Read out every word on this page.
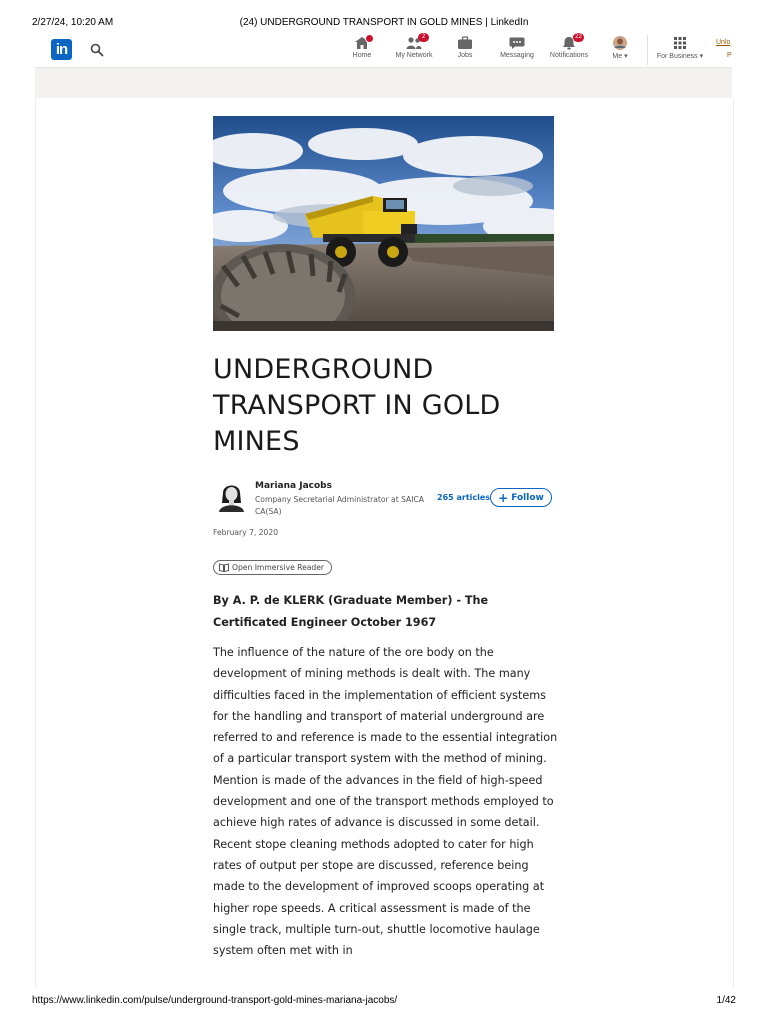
2/27/24, 10:20 AM	(24) UNDERGROUND TRANSPORT IN GOLD MINES | LinkedIn
in	Home
2
My Network	Jobs	Messaging
22
Notifications	Me ▾	For Business ▾
Unlo
P
UNDERGROUND TRANSPORT IN GOLD MINES
Mariana Jacobs
Company Secretarial Administrator at SAICA CA(SA)
265 articles + Follow
February 7, 2020
Open Immersive Reader
By A. P. de KLERK (Graduate Member) - The Certificated Engineer October 1967
The influence of the nature of the ore body on the development of mining methods is dealt with. The many difficulties faced in the implementation of efficient systems for the handling and transport of material underground are referred to and reference is made to the essential integration of a particular transport system with the method of mining. Mention is made of the advances in the field of high-speed development and one of the transport methods employed to achieve high rates of advance is discussed in some detail. Recent stope cleaning methods adopted to cater for high rates of output per stope are discussed, reference being made to the development of improved scoops operating at higher rope speeds. A critical assessment is made of the single track, multiple turn-out, shuttle locomotive haulage system often met with in
https://www.linkedin.com/pulse/underground-transport-gold-mines-mariana-jacobs/	1/42
